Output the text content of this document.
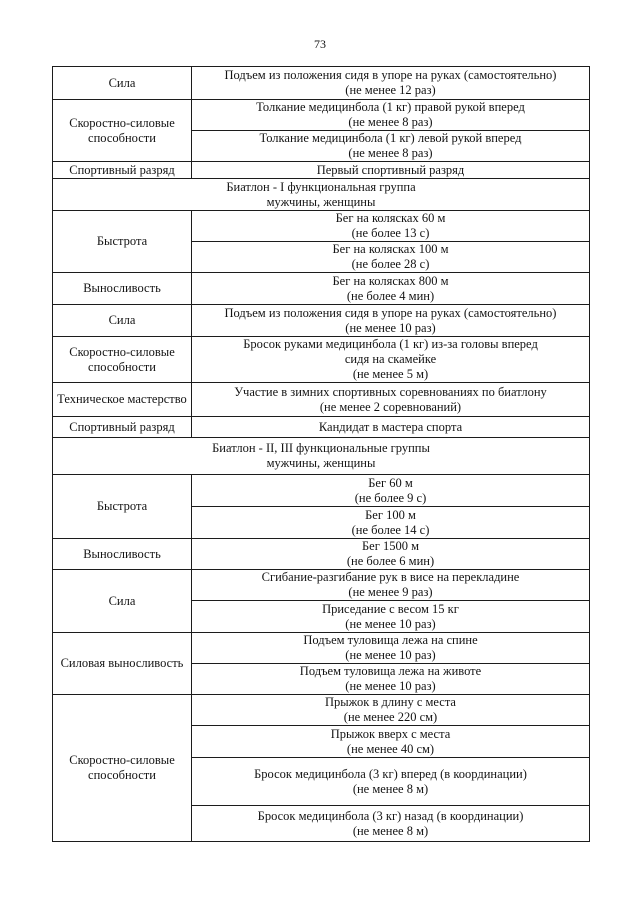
73
Сила	Подъем из положения сидя в упоре на руках (самостоятельно)
(не менее 12 раз)

Скоростно-силовые способности	Толкание медицинбола (1 кг) правой рукой вперед
(не менее 8 раз)

	Толкание медицинбола (1 кг) левой рукой вперед
(не менее 8 раз)

Спортивный разряд	Первый спортивный разряд

Биатлон - I функциональная группа
мужчины, женщины	

Быстрота	Бег на колясках 60 м
(не более 13 с)

	Бег на колясках 100 м
(не более 28 с)

Выносливость	Бег на колясках 800 м
(не более 4 мин)

Сила	Подъем из положения сидя в упоре на руках (самостоятельно)
(не менее 10 раз)

Скоростно-силовые способности	Бросок руками медицинбола (1 кг) из-за головы вперед
сидя на скамейке
(не менее 5 м)

Техническое мастерство	Участие в зимних спортивных соревнованиях по биатлону
(не менее 2 соревнований)

Спортивный разряд	Кандидат в мастера спорта

Биатлон - II, III функциональные группы
мужчины, женщины	

Быстрота	Бег 60 м
(не более 9 с)

	Бег 100 м
(не более 14 с)

Выносливость	Бег 1500 м
(не более 6 мин)

Сила	Сгибание-разгибание рук в висе на перекладине
(не менее 9 раз)

	Приседание с весом 15 кг
(не менее 10 раз)

Силовая выносливость	Подъем туловища лежа на спине
(не менее 10 раз)

	Подъем туловища лежа на животе
(не менее 10 раз)

Скоростно-силовые способности	Прыжок в длину с места
(не менее 220 см)

	Прыжок вверх с места
(не менее 40 см)

	Бросок медицинбола (3 кг) вперед (в координации)
(не менее 8 м)

	Бросок медицинбола (3 кг) назад (в координации)
(не менее 8 м)
